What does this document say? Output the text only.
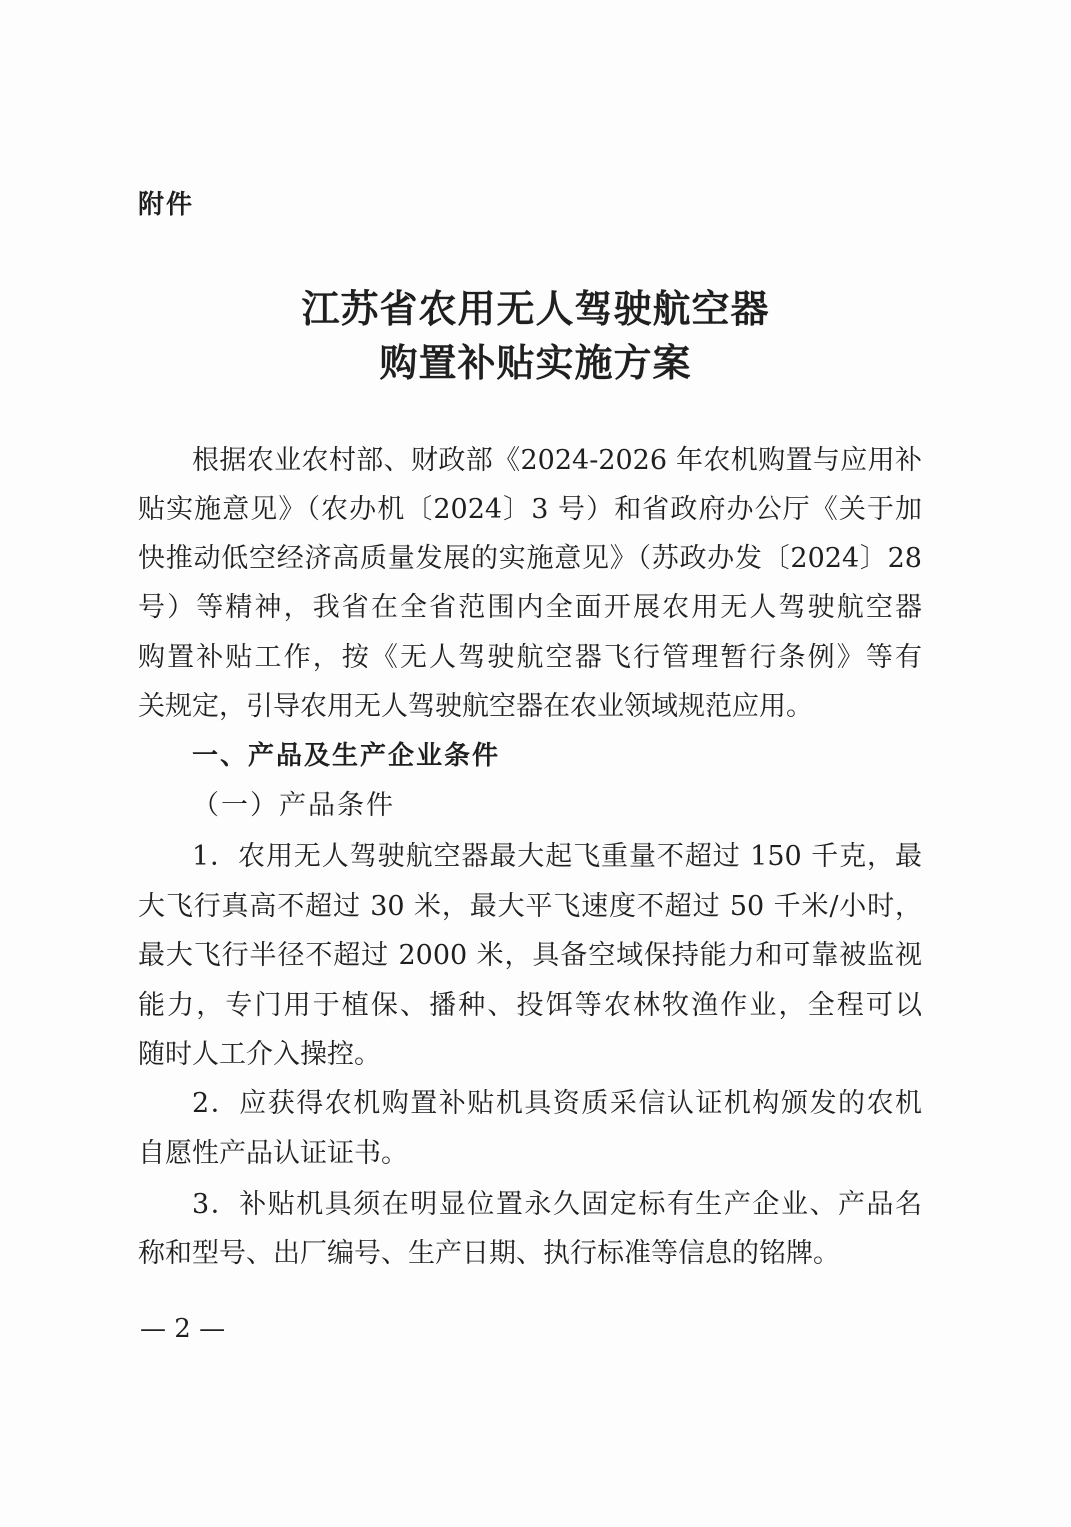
附件
江苏省农用无人驾驶航空器
购置补贴实施方案
根据农业农村部、财政部《2024-2026 年农机购置与应用补
贴实施意见》（农办机〔2024〕3 号）和省政府办公厅《关于加
快推动低空经济高质量发展的实施意见》（苏政办发〔2024〕28
号）等精神，我省在全省范围内全面开展农用无人驾驶航空器
购置补贴工作，按《无人驾驶航空器飞行管理暂行条例》等有
关规定，引导农用无人驾驶航空器在农业领域规范应用。
一、产品及生产企业条件
（一）产品条件
1．农用无人驾驶航空器最大起飞重量不超过 150 千克，最
大飞行真高不超过 30 米，最大平飞速度不超过 50 千米/小时，
最大飞行半径不超过 2000 米，具备空域保持能力和可靠被监视
能力，专门用于植保、播种、投饵等农林牧渔作业，全程可以
随时人工介入操控。
2．应获得农机购置补贴机具资质采信认证机构颁发的农机
自愿性产品认证证书。
3．补贴机具须在明显位置永久固定标有生产企业、产品名
称和型号、出厂编号、生产日期、执行标准等信息的铭牌。
— 2 —
